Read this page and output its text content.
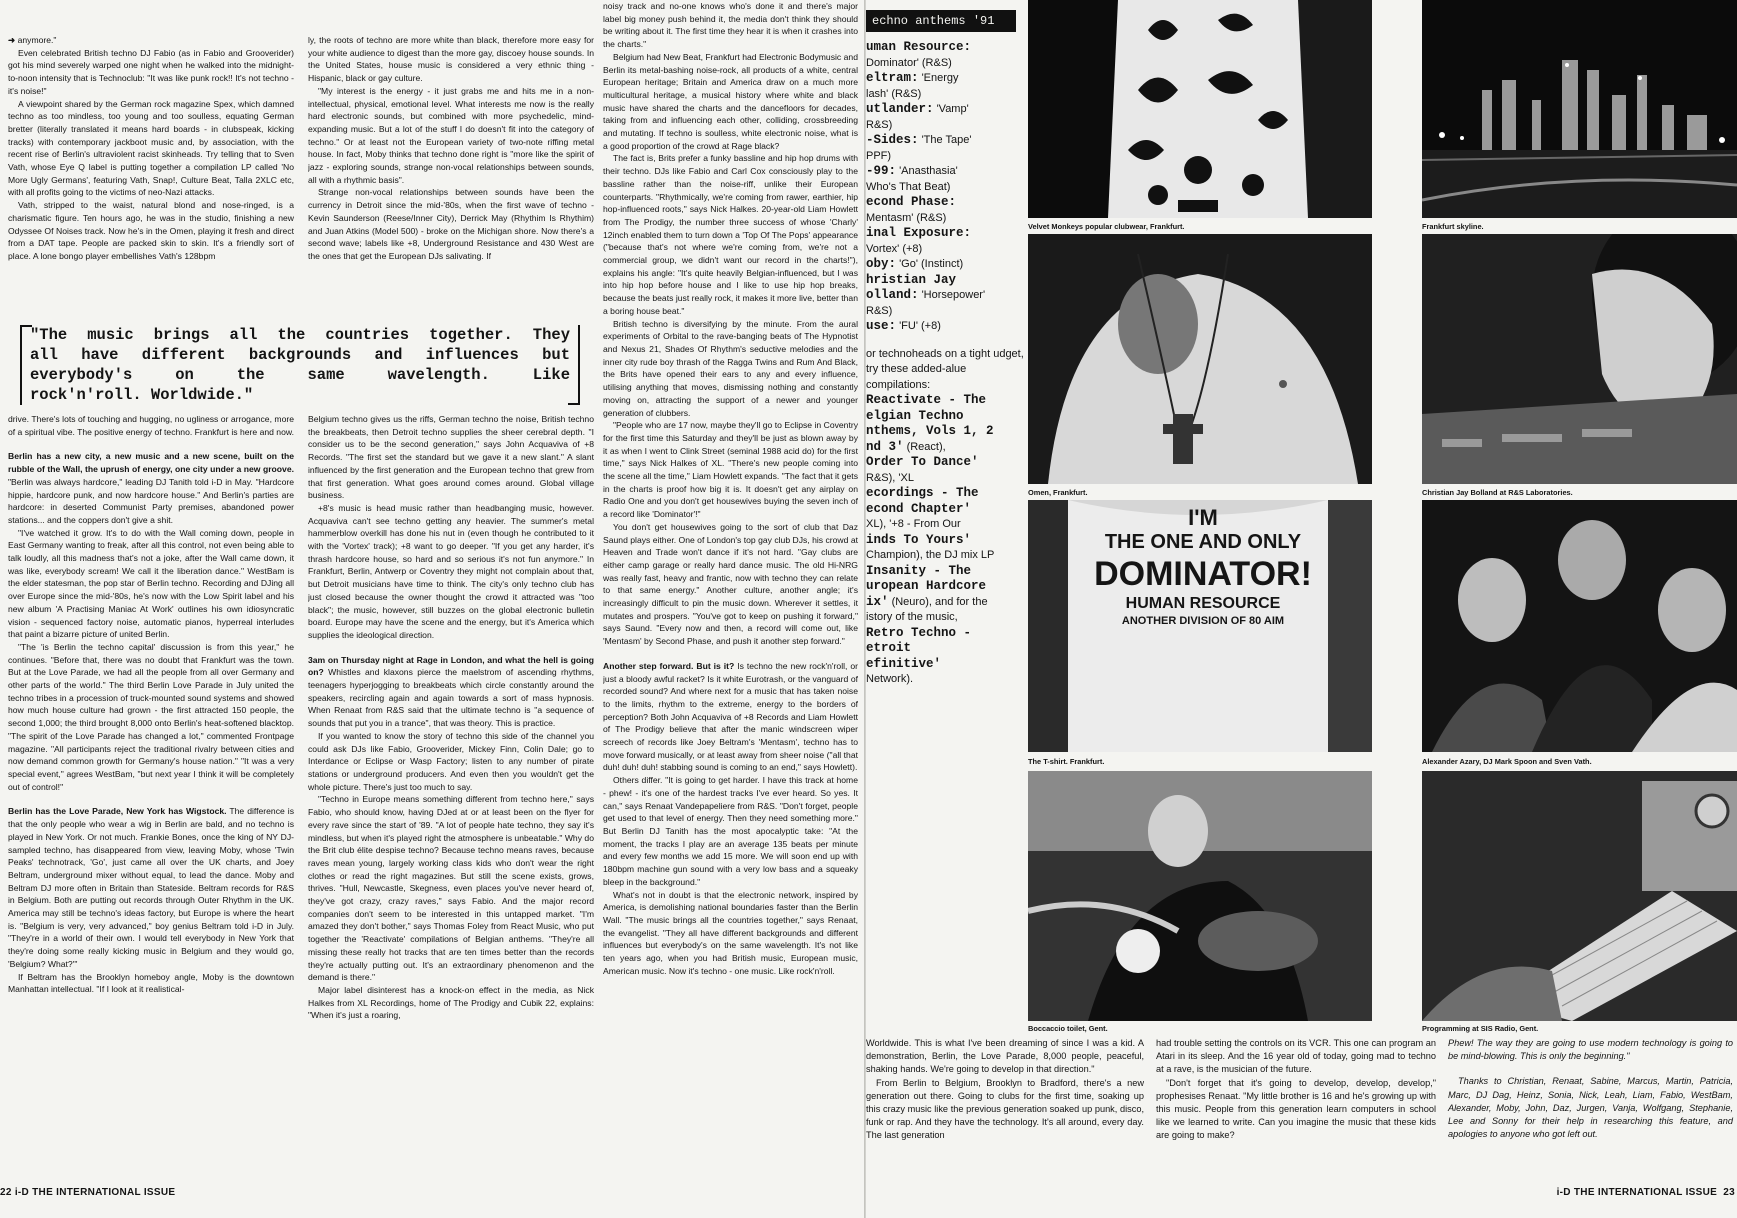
➜ anymore."

Even celebrated British techno DJ Fabio (as in Fabio and Grooverider) got his mind severely warped one night when he walked into the midnight-to-noon intensity that is Technoclub: "It was like punk rock!! It's not techno - it's noise!"

A viewpoint shared by the German rock magazine Spex, which damned techno as too mindless, too young and too soulless, equating German bretter (literally translated it means hard boards - in clubspeak, kicking tracks) with contemporary jackboot music and, by association, with the recent rise of Berlin's ultraviolent racist skinheads. Try telling that to Sven Vath, whose Eye Q label is putting together a compilation LP called 'No More Ugly Germans', featuring Vath, Snap!, Culture Beat, Talla 2XLC etc, with all profits going to the victims of neo-Nazi attacks.

Vath, stripped to the waist, natural blond and nose-ringed, is a charismatic figure. Ten hours ago, he was in the studio, finishing a new Odyssee Of Noises track. Now he's in the Omen, playing it fresh and direct from a DAT tape. People are packed skin to skin. It's a friendly sort of place. A lone bongo player embellishes Vath's 128bpm

ly, the roots of techno are more white than black, therefore more easy for your white audience to digest than the more gay, discoey house sounds. In the United States, house music is considered a very ethnic thing - Hispanic, black or gay culture.

"My interest is the energy - it just grabs me and hits me in a non-intellectual, physical, emotional level. What interests me now is the really hard electronic sounds, but combined with more psychedelic, mind-expanding music. But a lot of the stuff I do doesn't fit into the category of techno." Or at least not the European variety of two-note riffing metal house. In fact, Moby thinks that techno done right is "more like the spirit of jazz - exploring sounds, strange non-vocal relationships between sounds, all with a rhythmic basis".

Strange non-vocal relationships between sounds have been the currency in Detroit since the mid-'80s, when the first wave of techno - Kevin Saunderson (Reese/Inner City), Derrick May (Rhythim Is Rhythim) and Juan Atkins (Model 500) - broke on the Michigan shore. Now there's a second wave; labels like +8, Underground Resistance and 430 West are the ones that get the European DJs salivating. If

noisy track and no-one knows who's done it and there's major label big money push behind it, the media don't think they should be writing about it. The first time they hear it is when it crashes into the charts."

Belgium had New Beat, Frankfurt had Electronic Bodymusic and Berlin its metal-bashing noise-rock, all products of a white, central European heritage; Britain and America draw on a much more multicultural heritage, a musical history where white and black music have shared the charts and the dancefloors for decades, taking from and influencing each other, colliding, crossbreeding and mutating. If techno is soulless, white electronic noise, what is a good proportion of the crowd at Rage black?

The fact is, Brits prefer a funky bassline and hip hop drums with their techno. DJs like Fabio and Carl Cox consciously play to the bassline rather than the noise-riff, unlike their European counterparts. "Rhythmically, we're coming from rawer, earthier, hip hop-influenced roots," says Nick Halkes. 20-year-old Liam Howlett from The Prodigy, the number three success of whose 'Charly' 12inch enabled them to turn down a 'Top Of The Pops' appearance ("because that's not where we're coming from, we're not a commercial group, we didn't want our record in the charts!"), explains his angle: "It's quite heavily Belgian-influenced, but I was into hip hop before house and I like to use hip hop breaks, because the beats just really rock, it makes it more live, better than a boring house beat."

British techno is diversifying by the minute. From the aural experiments of Orbital to the rave-banging beats of The Hypnotist and Nexus 21, Shades Of Rhythm's seductive melodies and the inner city rude boy thrash of the Ragga Twins and Rum And Black, the Brits have opened their ears to any and every influence, utilising anything that moves, dismissing nothing and constantly moving on, attracting the support of a newer and younger generation of clubbers.

"People who are 17 now, maybe they'll go to Eclipse in Coventry for the first time this Saturday and they'll be just as blown away by it as when I went to Clink Street (seminal 1988 acid do) for the first time," says Nick Halkes of XL. "There's new people coming into the scene all the time," Liam Howlett expands. "The fact that it gets in the charts is proof how big it is. It doesn't get any airplay on Radio One and you don't get housewives buying the seven inch of a record like 'Dominator'!"

You don't get housewives going to the sort of club that Daz Saund plays either. One of London's top gay club DJs, his crowd at Heaven and Trade won't dance if it's not hard. "Gay clubs are either camp garage or really hard dance music. The old Hi-NRG was really fast, heavy and frantic, now with techno they can relate to that same energy." Another culture, another angle; it's increasingly difficult to pin the music down. Wherever it settles, it mutates and prospers. "You've got to keep on pushing it forward," says Saund. "Every now and then, a record will come out, like 'Mentasm' by Second Phase, and push it another step forward."

Another step forward. But is it? Is techno the new rock'n'roll, or just a bloody awful racket? Is it white Eurotrash, or the vanguard of recorded sound? And where next for a music that has taken noise to the limits, rhythm to the extreme, energy to the borders of perception? Both John Acquaviva of +8 Records and Liam Howlett of The Prodigy believe that after the manic windscreen wiper screech of records like Joey Beltram's 'Mentasm', techno has to move forward musically, or at least away from sheer noise ("all that duh! duh! duh! stabbing sound is coming to an end," says Howlett).

Others differ. "It is going to get harder. I have this track at home - phew! - it's one of the hardest tracks I've ever heard. So yes. It can," says Renaat Vandepapeliere from R&S. "Don't forget, people get used to that level of energy. Then they need something more." But Berlin DJ Tanith has the most apocalyptic take: "At the moment, the tracks I play are an average 135 beats per minute and every few months we add 15 more. We will soon end up with 180bpm machine gun sound with a very low bass and a squeaky bleep in the background."

What's not in doubt is that the electronic network, inspired by America, is demolishing national boundaries faster than the Berlin Wall. "The music brings all the countries together," says Renaat, the evangelist. "They all have different backgrounds and different influences but everybody's on the same wavelength. It's not like ten years ago, when you had British music, European music, American music. Now it's techno - one music. Like rock'n'roll.

"The music brings all the countries together. They
all have different backgrounds and influences but
everybody's on the same wavelength. Like
rock'n'roll. Worldwide."

drive. There's lots of touching and hugging, no ugliness or arrogance, more of a spiritual vibe. The positive energy of techno. Frankfurt is here and now.

Berlin has a new city, a new music and a new scene, built on the rubble of the Wall, the uprush of energy, one city under a new groove. "Berlin was always hardcore," leading DJ Tanith told i-D in May. "Hardcore hippie, hardcore punk, and now hardcore house." And Berlin's parties are hardcore: in deserted Communist Party premises, abandoned power stations... and the coppers don't give a shit.

"I've watched it grow. It's to do with the Wall coming down, people in East Germany wanting to freak, after all this control, not even being able to talk loudly, all this madness that's not a joke, after the Wall came down, it was like, everybody scream! We call it the liberation dance." WestBam is the elder statesman, the pop star of Berlin techno. Recording and DJing all over Europe since the mid-'80s, he's now with the Low Spirit label and his new album 'A Practising Maniac At Work' outlines his own idiosyncratic vision - sequenced factory noise, automatic pianos, hyperreal interludes that paint a bizarre picture of united Berlin.

"The 'is Berlin the techno capital' discussion is from this year," he continues. "Before that, there was no doubt that Frankfurt was the town. But at the Love Parade, we had all the people from all over Germany and other parts of the world." The third Berlin Love Parade in July united the techno tribes in a procession of truck-mounted sound systems and showed how much house culture had grown - the first attracted 150 people, the second 1,000; the third brought 8,000 onto Berlin's heat-softened blacktop. "The spirit of the Love Parade has changed a lot," commented Frontpage magazine. "All participants reject the traditional rivalry between cities and now demand common growth for Germany's house nation." "It was a very special event," agrees WestBam, "but next year I think it will be completely out of control!"

Berlin has the Love Parade, New York has Wigstock. The difference is that the only people who wear a wig in Berlin are bald, and no techno is played in New York. Or not much. Frankie Bones, once the king of NY DJ-sampled techno, has disappeared from view, leaving Moby, whose 'Twin Peaks' technotrack, 'Go', just came all over the UK charts, and Joey Beltram, underground mixer without equal, to lead the dance. Moby and Beltram DJ more often in Britain than Stateside. Beltram records for R&S in Belgium. Both are putting out records through Outer Rhythm in the UK. America may still be techno's ideas factory, but Europe is where the heart is. "Belgium is very, very advanced," boy genius Beltram told i-D in July. "They're in a world of their own. I would tell everybody in New York that they're doing some really kicking music in Belgium and they would go, 'Belgium? What?'"

If Beltram has the Brooklyn homeboy angle, Moby is the downtown Manhattan intellectual. "If I look at it realistical-

Belgium techno gives us the riffs, German techno the noise, British techno the breakbeats, then Detroit techno supplies the sheer cerebral depth. "I consider us to be the second generation," says John Acquaviva of +8 Records. "The first set the standard but we gave it a new slant." A slant influenced by the first generation and the European techno that grew from that first generation. What goes around comes around. Global village business.

+8's music is head music rather than headbanging music, however. Acquaviva can't see techno getting any heavier. The summer's metal hammerblow overkill has done his nut in (even though he contributed to it with the 'Vortex' track); +8 want to go deeper. "If you get any harder, it's thrash hardcore house, so hard and so serious it's not fun anymore." In Frankfurt, Berlin, Antwerp or Coventry they might not complain about that, but Detroit musicians have time to think. The city's only techno club has just closed because the owner thought the crowd it attracted was "too black"; the music, however, still buzzes on the global electronic bulletin board. Europe may have the scene and the energy, but it's America which supplies the ideological direction.

3am on Thursday night at Rage in London, and what the hell is going on? Whistles and klaxons pierce the maelstrom of ascending rhythms, teenagers hyperjogging to breakbeats which circle constantly around the speakers, recircling again and again towards a sort of mass hypnosis. When Renaat from R&S said that the ultimate techno is "a sequence of sounds that put you in a trance", that was theory. This is practice.

If you wanted to know the story of techno this side of the channel you could ask DJs like Fabio, Grooverider, Mickey Finn, Colin Dale; go to Interdance or Eclipse or Wasp Factory; listen to any number of pirate stations or underground producers. And even then you wouldn't get the whole picture. There's just too much to say.

"Techno in Europe means something different from techno here," says Fabio, who should know, having DJed at or at least been on the flyer for every rave since the start of '89. "A lot of people hate techno, they say it's mindless, but when it's played right the atmosphere is unbeatable." Why do the Brit club élite despise techno? Because techno means raves, because raves mean young, largely working class kids who don't wear the right clothes or read the right magazines. But still the scene exists, grows, thrives. "Hull, Newcastle, Skegness, even places you've never heard of, they've got crazy, crazy raves," says Fabio. And the major record companies don't seem to be interested in this untapped market. "I'm amazed they don't bother," says Thomas Foley from React Music, who put together the 'Reactivate' compilations of Belgian anthems. "They're all missing these really hot tracks that are ten times better than the records they're actually putting out. It's an extraordinary phenomenon and the demand is there."

Major label disinterest has a knock-on effect in the media, as Nick Halkes from XL Recordings, home of The Prodigy and Cubik 22, explains: "When it's just a roaring,

22 i-D THE INTERNATIONAL ISSUE
echno anthems '91
uman Resource:
Dominator' (R&S)
eltram: 'Energy
lash' (R&S)
utlander: 'Vamp'
R&S)
-Sides: 'The Tape'
PPF)
-99: 'Anasthasia'
Who's That Beat)
econd Phase:
Mentasm' (R&S)
inal Exposure:
Vortex' (+8)
oby: 'Go' (Instinct)
hristian Jay
olland: 'Horsepower'
R&S)
use: 'FU' (+8)
or technoheads on a tight udget, try these added-alue compilations:
Reactivate - The
elgian Techno
nthems, Vols 1, 2
nd 3' (React),
Order To Dance'
R&S), 'XL
ecordings - The
econd Chapter'
XL), '+8 - From Our
inds To Yours'
Champion), the DJ mix LP
Insanity - The
uropean Hardcore
ix' (Neuro), and for the
istory of the music,
Retro Techno -
etroit
efinitive'
Network).
Velvet Monkeys popular clubwear, Frankfurt.	Frankfurt skyline.
Omen, Frankfurt.	Christian Jay Bolland at R&S Laboratories.
I'M
THE ONE AND ONLY
DOMINATOR!
HUMAN RESOURCE
ANOTHER DIVISION OF 80 AIM
The T-shirt. Frankfurt.	Alexander Azary, DJ Mark Spoon and Sven Vath.
Boccaccio toilet, Gent.	Programming at SIS Radio, Gent.

Worldwide. This is what I've been dreaming of since I was a kid. A demonstration, Berlin, the Love Parade, 8,000 people, peaceful, shaking hands. We're going to develop in that direction."

From Berlin to Belgium, Brooklyn to Bradford, there's a new generation out there. Going to clubs for the first time, soaking up this crazy music like the previous generation soaked up punk, disco, funk or rap. And they have the technology. It's all around, every day. The last generation

had trouble setting the controls on its VCR. This one can program an Atari in its sleep. And the 16 year old of today, going mad to techno at a rave, is the musician of the future.

"Don't forget that it's going to develop, develop, develop," prophesises Renaat. "My little brother is 16 and he's growing up with this music. People from this generation learn computers in school like we learned to write. Can you imagine the music that these kids are going to make?

Phew! The way they are going to use modern technology is going to be mind-blowing. This is only the beginning."

Thanks to Christian, Renaat, Sabine, Marcus, Martin, Patricia, Marc, DJ Dag, Heinz, Sonia, Nick, Leah, Liam, Fabio, WestBam, Alexander, Moby, John, Daz, Jurgen, Vanja, Wolfgang, Stephanie, Lee and Sonny for their help in researching this feature, and apologies to anyone who got left out.

i-D THE INTERNATIONAL ISSUE 23
